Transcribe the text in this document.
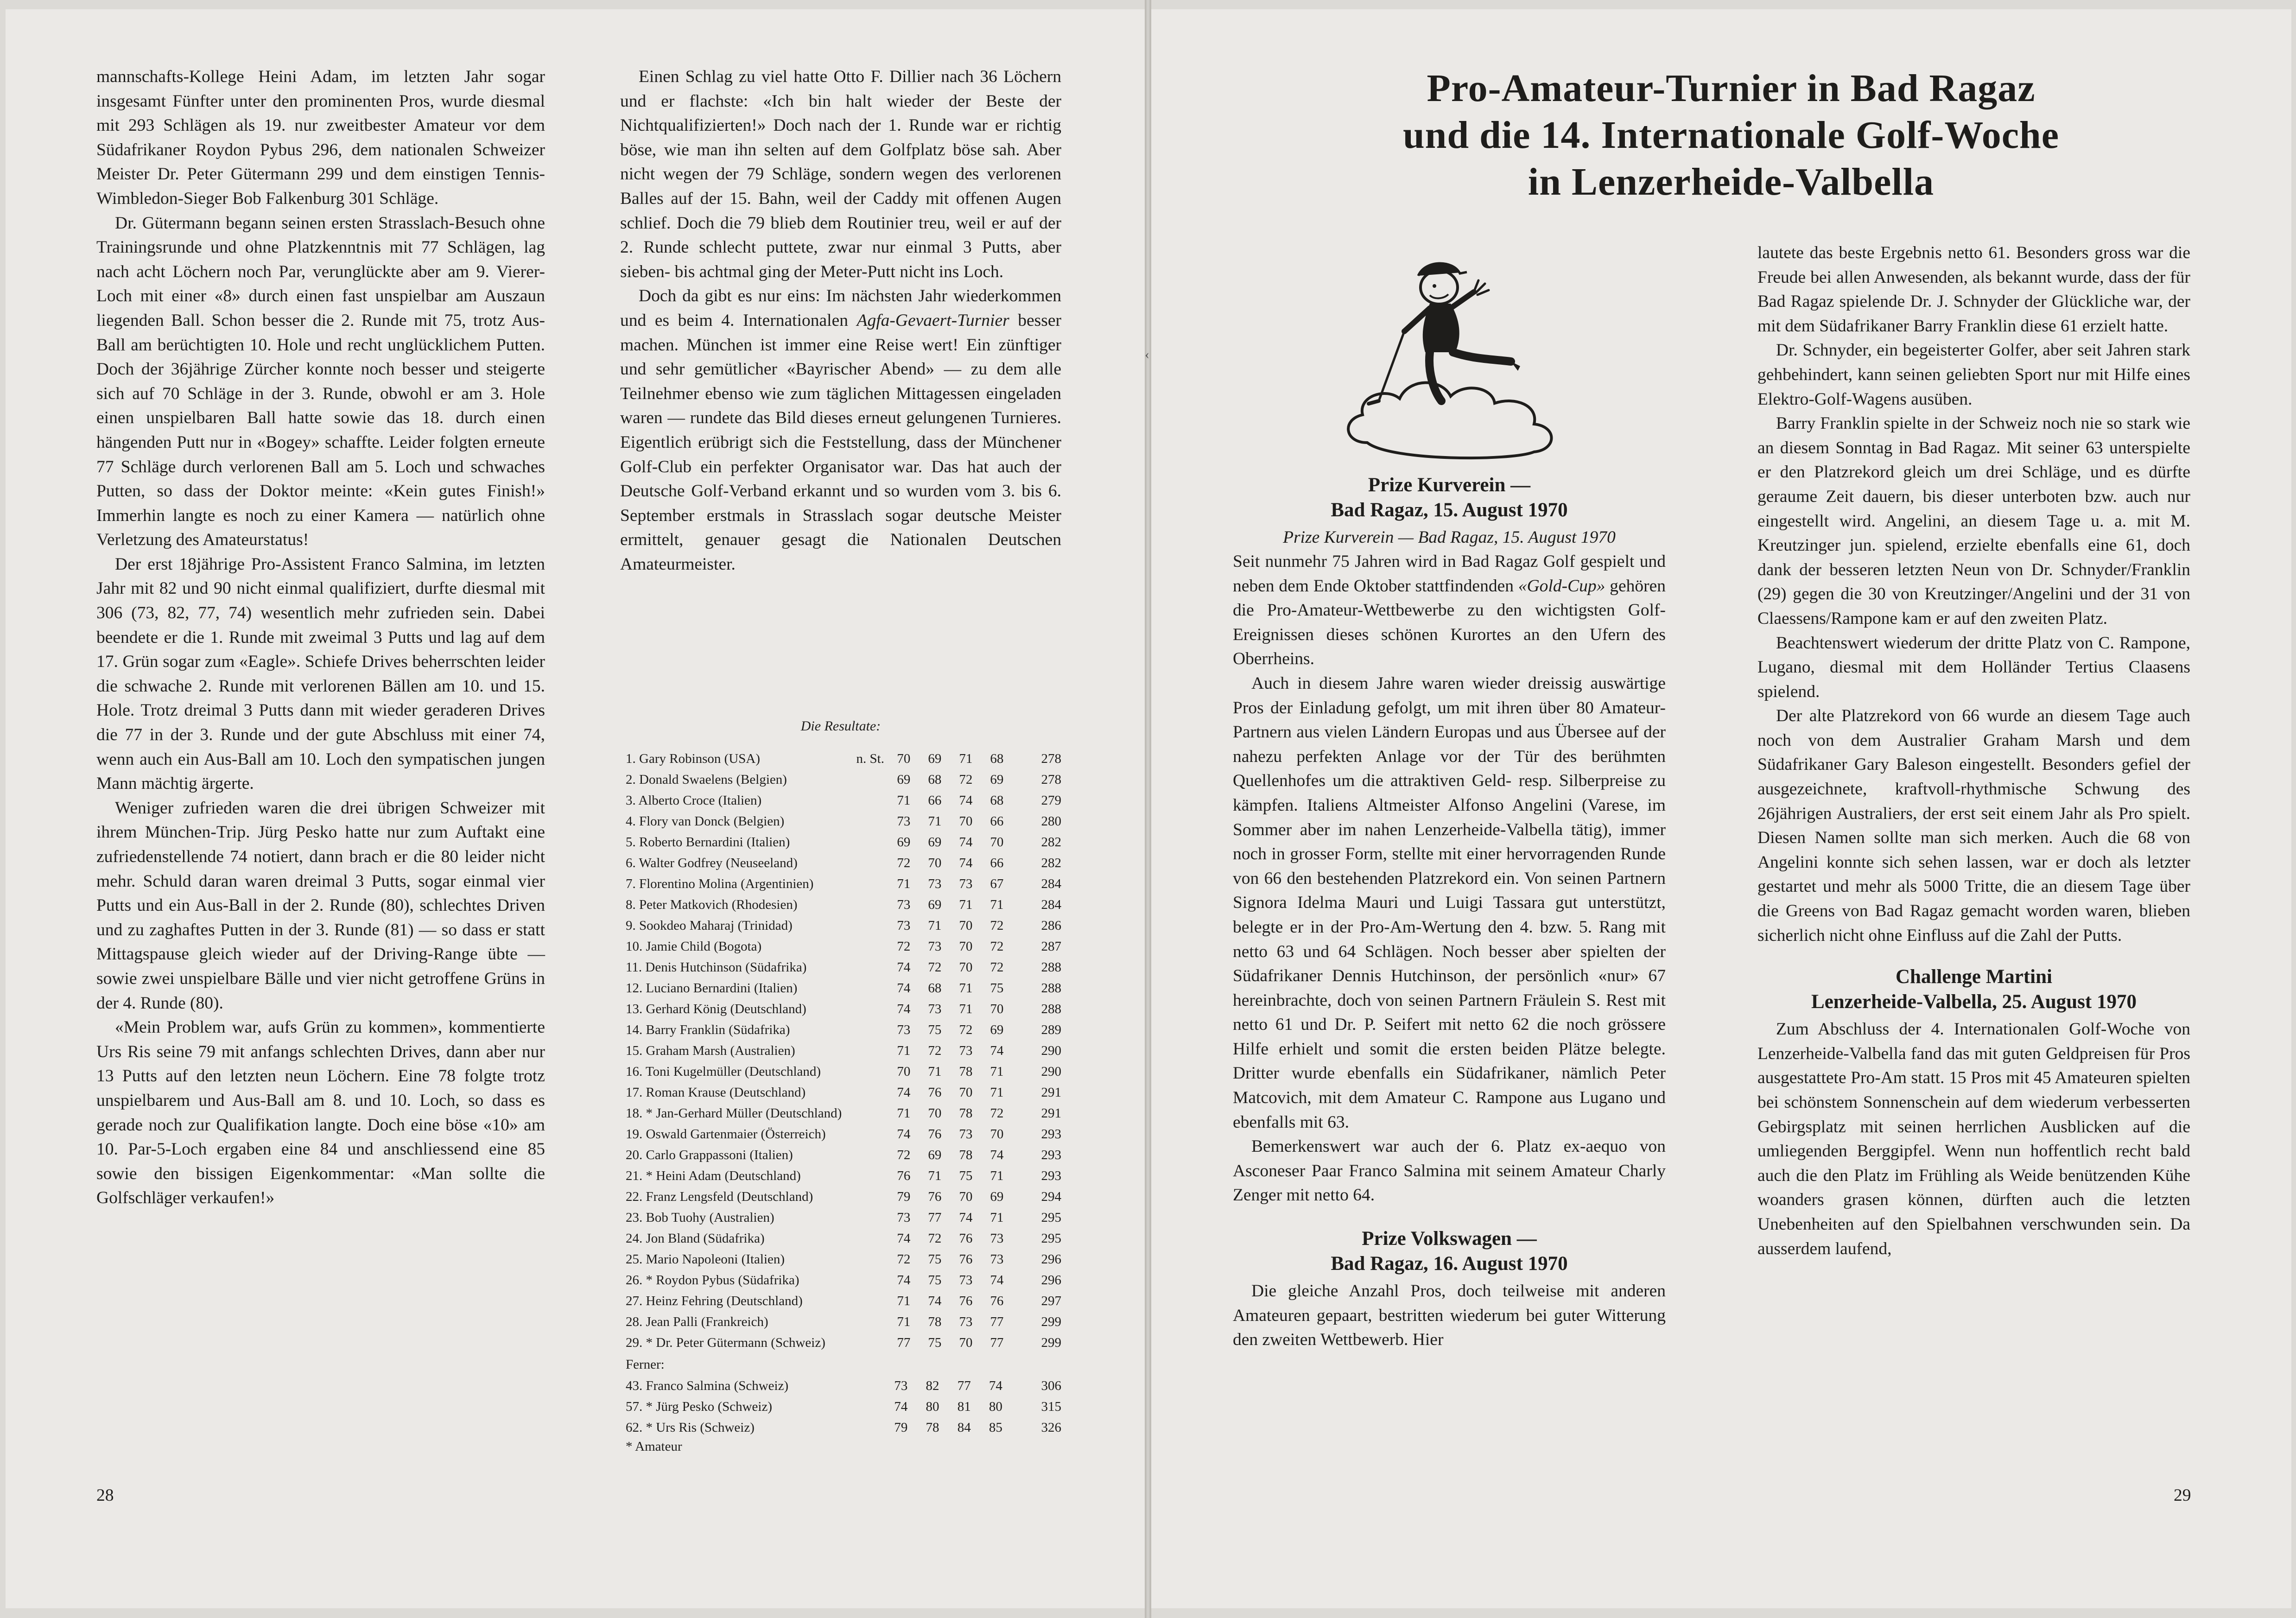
‹

mannschafts-Kollege Heini Adam, im letzten Jahr sogar insgesamt Fünfter unter den prominenten Pros, wurde diesmal mit 293 Schlägen als 19. nur zweitbester Amateur vor dem Südafrikaner Roydon Pybus 296, dem nationalen Schweizer Meister Dr. Peter Gütermann 299 und dem einstigen Tennis-Wimbledon-Sieger Bob Falkenburg 301 Schläge.

Dr. Gütermann begann seinen ersten Strasslach-Besuch ohne Trainingsrunde und ohne Platzkenntnis mit 77 Schlägen, lag nach acht Löchern noch Par, verunglückte aber am 9. Vierer-Loch mit einer «8» durch einen fast unspielbar am Auszaun liegenden Ball. Schon besser die 2. Runde mit 75, trotz Aus-Ball am berüchtigten 10. Hole und recht unglücklichem Putten. Doch der 36jährige Zürcher konnte noch besser und steigerte sich auf 70 Schläge in der 3. Runde, obwohl er am 3. Hole einen unspielbaren Ball hatte sowie das 18. durch einen hängenden Putt nur in «Bogey» schaffte. Leider folgten erneute 77 Schläge durch verlorenen Ball am 5. Loch und schwaches Putten, so dass der Doktor meinte: «Kein gutes Finish!» Immerhin langte es noch zu einer Kamera — natürlich ohne Verletzung des Amateurstatus!

Der erst 18jährige Pro-Assistent Franco Salmina, im letzten Jahr mit 82 und 90 nicht einmal qualifiziert, durfte diesmal mit 306 (73, 82, 77, 74) wesentlich mehr zufrieden sein. Dabei beendete er die 1. Runde mit zweimal 3 Putts und lag auf dem 17. Grün sogar zum «Eagle». Schiefe Drives beherrschten leider die schwache 2. Runde mit verlorenen Bällen am 10. und 15. Hole. Trotz dreimal 3 Putts dann mit wieder geraderen Drives die 77 in der 3. Runde und der gute Abschluss mit einer 74, wenn auch ein Aus-Ball am 10. Loch den sympatischen jungen Mann mächtig ärgerte.

Weniger zufrieden waren die drei übrigen Schweizer mit ihrem München-Trip. Jürg Pesko hatte nur zum Auftakt eine zufriedenstellende 74 notiert, dann brach er die 80 leider nicht mehr. Schuld daran waren dreimal 3 Putts, sogar einmal vier Putts und ein Aus-Ball in der 2. Runde (80), schlechtes Driven und zu zaghaftes Putten in der 3. Runde (81) — so dass er statt Mittagspause gleich wieder auf der Driving-Range übte — sowie zwei unspielbare Bälle und vier nicht getroffene Grüns in der 4. Runde (80).

«Mein Problem war, aufs Grün zu kommen», kommentierte Urs Ris seine 79 mit anfangs schlechten Drives, dann aber nur 13 Putts auf den letzten neun Löchern. Eine 78 folgte trotz unspielbarem und Aus-Ball am 8. und 10. Loch, so dass es gerade noch zur Qualifikation langte. Doch eine böse «10» am 10. Par-5-Loch ergaben eine 84 und anschliessend eine 85 sowie den bissigen Eigenkommentar: «Man sollte die Golfschläger verkaufen!»

Einen Schlag zu viel hatte Otto F. Dillier nach 36 Löchern und er flachste: «Ich bin halt wieder der Beste der Nichtqualifizierten!» Doch nach der 1. Runde war er richtig böse, wie man ihn selten auf dem Golfplatz böse sah. Aber nicht wegen der 79 Schläge, sondern wegen des verlorenen Balles auf der 15. Bahn, weil der Caddy mit offenen Augen schlief. Doch die 79 blieb dem Routinier treu, weil er auf der 2. Runde schlecht puttete, zwar nur einmal 3 Putts, aber sieben- bis achtmal ging der Meter-Putt nicht ins Loch.

Doch da gibt es nur eins: Im nächsten Jahr wiederkommen und es beim 4. Internationalen Agfa-Gevaert-Turnier besser machen. München ist immer eine Reise wert! Ein zünftiger und sehr gemütlicher «Bayrischer Abend» — zu dem alle Teilnehmer ebenso wie zum täglichen Mittagessen eingeladen waren — rundete das Bild dieses erneut gelungenen Turnieres. Eigentlich erübrigt sich die Feststellung, dass der Münchener Golf-Club ein perfekter Organisator war. Das hat auch der Deutsche Golf-Verband erkannt und so wurden vom 3. bis 6. September erstmals in Strasslach sogar deutsche Meister ermittelt, genauer gesagt die Nationalen Deutschen Amateurmeister.

Die Resultate:
1. Gary Robinson (USA)	n. St.	70	69	71	68	278
2. Donald Swaelens (Belgien)		69	68	72	69	278
3. Alberto Croce (Italien)		71	66	74	68	279
4. Flory van Donck (Belgien)		73	71	70	66	280
5. Roberto Bernardini (Italien)		69	69	74	70	282
6. Walter Godfrey (Neuseeland)		72	70	74	66	282
7. Florentino Molina (Argentinien)		71	73	73	67	284
8. Peter Matkovich (Rhodesien)		73	69	71	71	284
9. Sookdeo Maharaj (Trinidad)		73	71	70	72	286
10. Jamie Child (Bogota)		72	73	70	72	287
11. Denis Hutchinson (Südafrika)		74	72	70	72	288
12. Luciano Bernardini (Italien)		74	68	71	75	288
13. Gerhard König (Deutschland)		74	73	71	70	288
14. Barry Franklin (Südafrika)		73	75	72	69	289
15. Graham Marsh (Australien)		71	72	73	74	290
16. Toni Kugelmüller (Deutschland)		70	71	78	71	290
17. Roman Krause (Deutschland)		74	76	70	71	291
18. * Jan-Gerhard Müller (Deutschland)		71	70	78	72	291
19. Oswald Gartenmaier (Österreich)		74	76	73	70	293
20. Carlo Grappassoni (Italien)		72	69	78	74	293
21. * Heini Adam (Deutschland)		76	71	75	71	293
22. Franz Lengsfeld (Deutschland)		79	76	70	69	294
23. Bob Tuohy (Australien)		73	77	74	71	295
24. Jon Bland (Südafrika)		74	72	76	73	295
25. Mario Napoleoni (Italien)		72	75	76	73	296
26. * Roydon Pybus (Südafrika)		74	75	73	74	296
27. Heinz Fehring (Deutschland)		71	74	76	76	297
28. Jean Palli (Frankreich)		71	78	73	77	299
29. * Dr. Peter Gütermann (Schweiz)		77	75	70	77	299
Ferner:
43. Franco Salmina (Schweiz)	73	82	77	74	306
57. * Jürg Pesko (Schweiz)	74	80	81	80	315
62. * Urs Ris (Schweiz)	79	78	84	85	326
* Amateur
28
Pro-Amateur-Turnier in Bad Ragaz
und die 14. Internationale Golf-Woche
in Lenzerheide-Valbella
Prize Kurverein —
Bad Ragaz, 15. August 1970
Prize Kurverein — Bad Ragaz, 15. August 1970

Seit nunmehr 75 Jahren wird in Bad Ragaz Golf gespielt und neben dem Ende Oktober stattfindenden «Gold-Cup» gehören die Pro-Amateur-Wettbewerbe zu den wichtigsten Golf-Ereignissen dieses schönen Kurortes an den Ufern des Oberrheins.

Auch in diesem Jahre waren wieder dreissig auswärtige Pros der Einladung gefolgt, um mit ihren über 80 Amateur-Partnern aus vielen Ländern Europas und aus Übersee auf der nahezu perfekten Anlage vor der Tür des berühmten Quellenhofes um die attraktiven Geld- resp. Silberpreise zu kämpfen. Italiens Altmeister Alfonso Angelini (Varese, im Sommer aber im nahen Lenzerheide-Valbella tätig), immer noch in grosser Form, stellte mit einer hervorragenden Runde von 66 den bestehenden Platzrekord ein. Von seinen Partnern Signora Idelma Mauri und Luigi Tassara gut unterstützt, belegte er in der Pro-Am-Wertung den 4. bzw. 5. Rang mit netto 63 und 64 Schlägen. Noch besser aber spielten der Südafrikaner Dennis Hutchinson, der persönlich «nur» 67 hereinbrachte, doch von seinen Partnern Fräulein S. Rest mit netto 61 und Dr. P. Seifert mit netto 62 die noch grössere Hilfe erhielt und somit die ersten beiden Plätze belegte. Dritter wurde ebenfalls ein Südafrikaner, nämlich Peter Matcovich, mit dem Amateur C. Rampone aus Lugano und ebenfalls mit 63.

Bemerkenswert war auch der 6. Platz ex-aequo von Asconeser Paar Franco Salmina mit seinem Amateur Charly Zenger mit netto 64.

Prize Volkswagen —
Bad Ragaz, 16. August 1970

Die gleiche Anzahl Pros, doch teilweise mit anderen Amateuren gepaart, bestritten wiederum bei guter Witterung den zweiten Wettbewerb. Hier

lautete das beste Ergebnis netto 61. Besonders gross war die Freude bei allen Anwesenden, als bekannt wurde, dass der für Bad Ragaz spielende Dr. J. Schnyder der Glückliche war, der mit dem Südafrikaner Barry Franklin diese 61 erzielt hatte.

Dr. Schnyder, ein begeisterter Golfer, aber seit Jahren stark gehbehindert, kann seinen geliebten Sport nur mit Hilfe eines Elektro-Golf-Wagens ausüben.

Barry Franklin spielte in der Schweiz noch nie so stark wie an diesem Sonntag in Bad Ragaz. Mit seiner 63 unterspielte er den Platzrekord gleich um drei Schläge, und es dürfte geraume Zeit dauern, bis dieser unterboten bzw. auch nur eingestellt wird. Angelini, an diesem Tage u. a. mit M. Kreutzinger jun. spielend, erzielte ebenfalls eine 61, doch dank der besseren letzten Neun von Dr. Schnyder/Franklin (29) gegen die 30 von Kreutzinger/Angelini und der 31 von Claessens/Rampone kam er auf den zweiten Platz.

Beachtenswert wiederum der dritte Platz von C. Rampone, Lugano, diesmal mit dem Holländer Tertius Claasens spielend.

Der alte Platzrekord von 66 wurde an diesem Tage auch noch von dem Australier Graham Marsh und dem Südafrikaner Gary Baleson eingestellt. Besonders gefiel der ausgezeichnete, kraftvoll-rhythmische Schwung des 26jährigen Australiers, der erst seit einem Jahr als Pro spielt. Diesen Namen sollte man sich merken. Auch die 68 von Angelini konnte sich sehen lassen, war er doch als letzter gestartet und mehr als 5000 Tritte, die an diesem Tage über die Greens von Bad Ragaz gemacht worden waren, blieben sicherlich nicht ohne Einfluss auf die Zahl der Putts.

Challenge Martini
Lenzerheide-Valbella, 25. August 1970

Zum Abschluss der 4. Internationalen Golf-Woche von Lenzerheide-Valbella fand das mit guten Geldpreisen für Pros ausgestattete Pro-Am statt. 15 Pros mit 45 Amateuren spielten bei schönstem Sonnenschein auf dem wiederum verbesserten Gebirgsplatz mit seinen herrlichen Ausblicken auf die umliegenden Berggipfel. Wenn nun hoffentlich recht bald auch die den Platz im Frühling als Weide benützenden Kühe woanders grasen können, dürften auch die letzten Unebenheiten auf den Spielbahnen verschwunden sein. Da ausserdem laufend,

29
